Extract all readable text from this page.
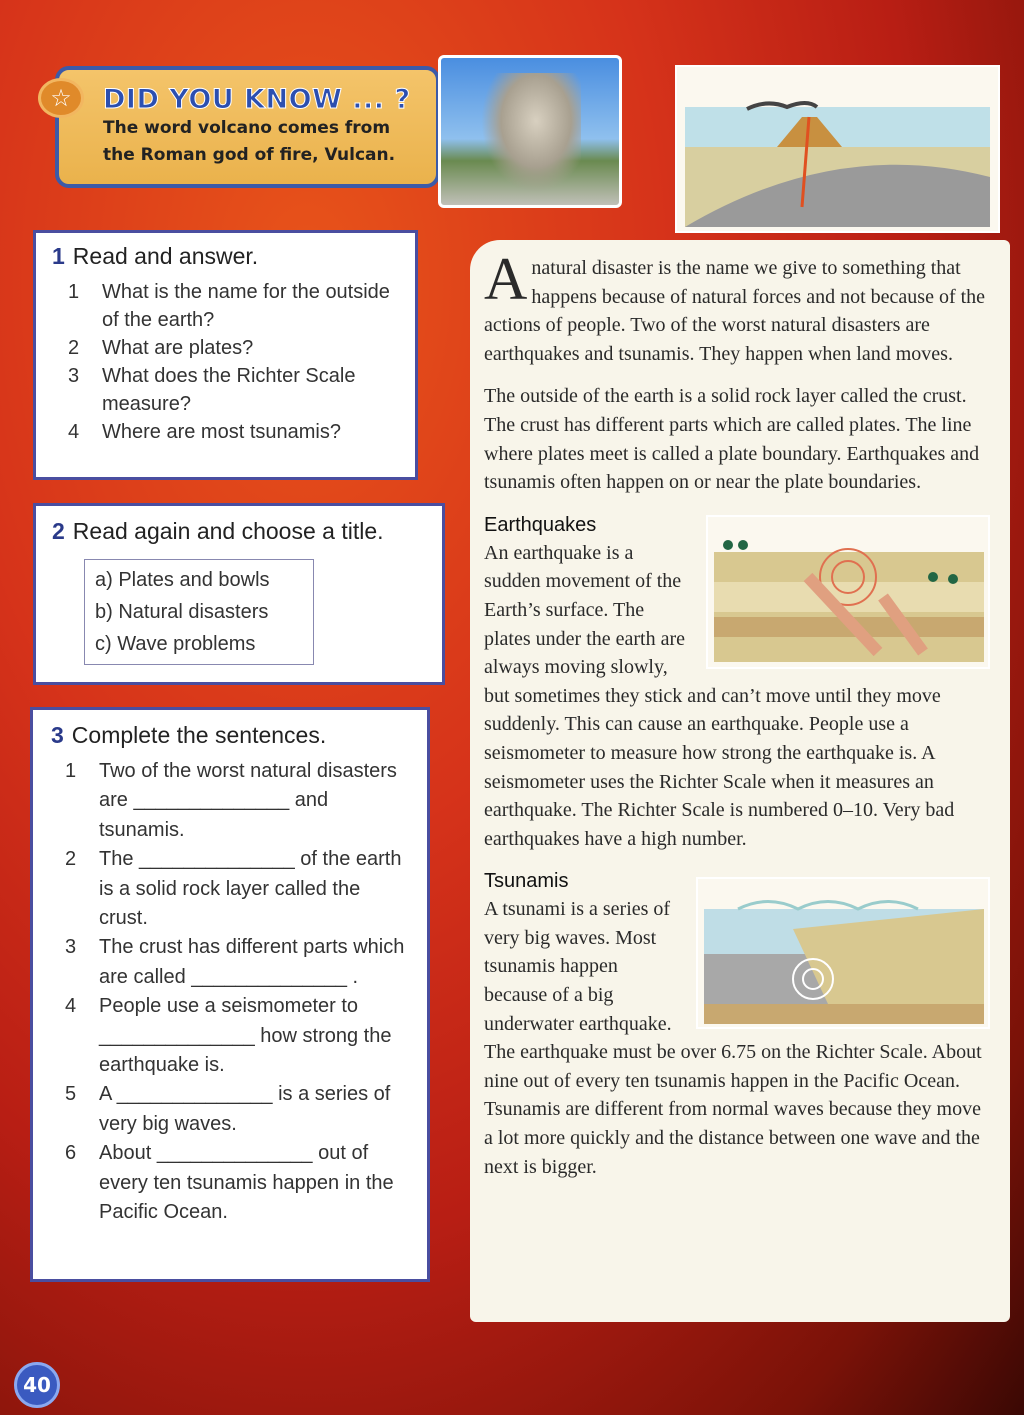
DID YOU KNOW ... ?

The word volcano comes from

the Roman god of fire, Vulcan.

☆
1 Read and answer.
1	What is the name for the outside of the earth?
2	What are plates?
3	What does the Richter Scale measure?
4	Where are most tsunamis?
2 Read again and choose a title.
a) Plates and bowls
b) Natural disasters
c) Wave problems
3 Complete the sentences.
1	Two of the worst natural disasters are ______________ and tsunamis.
2	The ______________ of the earth is a solid rock layer called the crust.
3	The crust has different parts which are called ______________ .
4	People use a seismometer to ______________ how strong the earthquake is.
5	A ______________ is a series of very big waves.
6	About ______________ out of every ten tsunamis happen in the Pacific Ocean.

Anatural disaster is the name we give to something that happens because of natural forces and not because of the actions of people. Two of the worst natural disasters are earthquakes and tsunamis. They happen when land moves.

The outside of the earth is a solid rock layer called the crust. The crust has different parts which are called plates. The line where plates meet is called a plate boundary. Earthquakes and tsunamis often happen on or near the plate boundaries.

Earthquakes

An earthquake is a sudden movement of the Earth’s surface. The plates under the earth are always moving slowly, but sometimes they stick and can’t move until they move suddenly. This can cause an earthquake. People use a seismometer to measure how strong the earthquake is. A seismometer uses the Richter Scale when it measures an earthquake. The Richter Scale is numbered 0–10. Very bad earthquakes have a high number.

Tsunamis

A tsunami is a series of very big waves. Most tsunamis happen because of a big underwater earthquake. The earthquake must be over 6.75 on the Richter Scale. About nine out of every ten tsunamis happen in the Pacific Ocean. Tsunamis are different from normal waves because they move a lot more quickly and the distance between one wave and the next is bigger.

40
